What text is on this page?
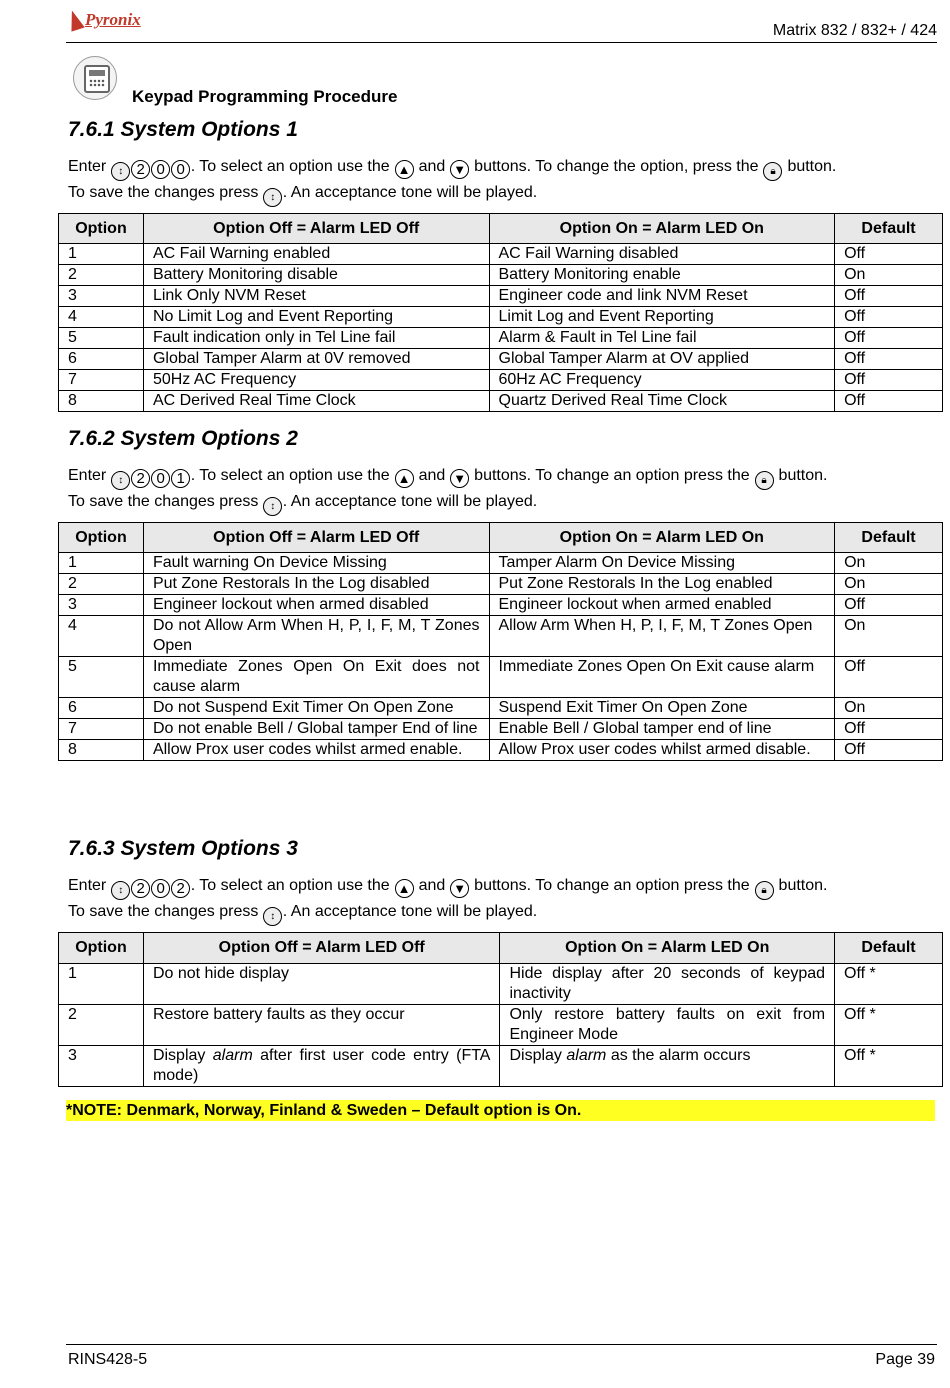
Pyronix
Matrix 832 / 832+ / 424
Keypad Programming Procedure
7.6.1 System Options 1
Enter ↕ 2 0 0 . To select an option use the ▲ and ▼ buttons. To change the option, press the 🔒︎ button.
To save the changes press ↕ . An acceptance tone will be played.
Option	Option Off = Alarm LED Off	Option On = Alarm LED On	Default
1	AC Fail Warning enabled	AC Fail Warning disabled	Off
2	Battery Monitoring disable	Battery Monitoring enable	On
3	Link Only NVM Reset	Engineer code and link NVM Reset	Off
4	No Limit Log and Event Reporting	Limit Log and Event Reporting	Off
5	Fault indication only in Tel Line fail	Alarm & Fault in Tel Line fail	Off
6	Global Tamper Alarm at 0V removed	Global Tamper Alarm at OV applied	Off
7	50Hz AC Frequency	60Hz AC Frequency	Off
8	AC Derived Real Time Clock	Quartz Derived Real Time Clock	Off
7.6.2 System Options 2
Enter ↕ 2 0 1 . To select an option use the ▲ and ▼ buttons. To change an option press the 🔒︎ button.
To save the changes press ↕ . An acceptance tone will be played.
Option	Option Off = Alarm LED Off	Option On = Alarm LED On	Default
1	Fault warning On Device Missing	Tamper Alarm On Device Missing	On
2	Put Zone Restorals In the Log disabled	Put Zone Restorals In the Log enabled	On
3	Engineer lockout when armed disabled	Engineer lockout when armed enabled	Off
4	Do not Allow Arm When H, P, I, F, M, T Zones Open	Allow Arm When H, P, I, F, M, T Zones Open	On
5	Immediate Zones Open On Exit does not cause alarm	Immediate Zones Open On Exit cause alarm	Off
6	Do not Suspend Exit Timer On Open Zone	Suspend Exit Timer On Open Zone	On
7	Do not enable Bell / Global tamper End of line	Enable Bell / Global tamper end of line	Off
8	Allow Prox user codes whilst armed enable.	Allow Prox user codes whilst armed disable.	Off
7.6.3 System Options 3
Enter ↕ 2 0 2 . To select an option use the ▲ and ▼ buttons. To change an option press the 🔒︎ button.
To save the changes press ↕ . An acceptance tone will be played.
Option	Option Off = Alarm LED Off	Option On = Alarm LED On	Default
1	Do not hide display	Hide display after 20 seconds of keypad inactivity	Off *
2	Restore battery faults as they occur	Only restore battery faults on exit from Engineer Mode	Off *
3	Display alarm after first user code entry (FTA mode)	Display alarm as the alarm occurs	Off *
*NOTE: Denmark, Norway, Finland & Sweden – Default option is On.
RINS428-5	Page 39
